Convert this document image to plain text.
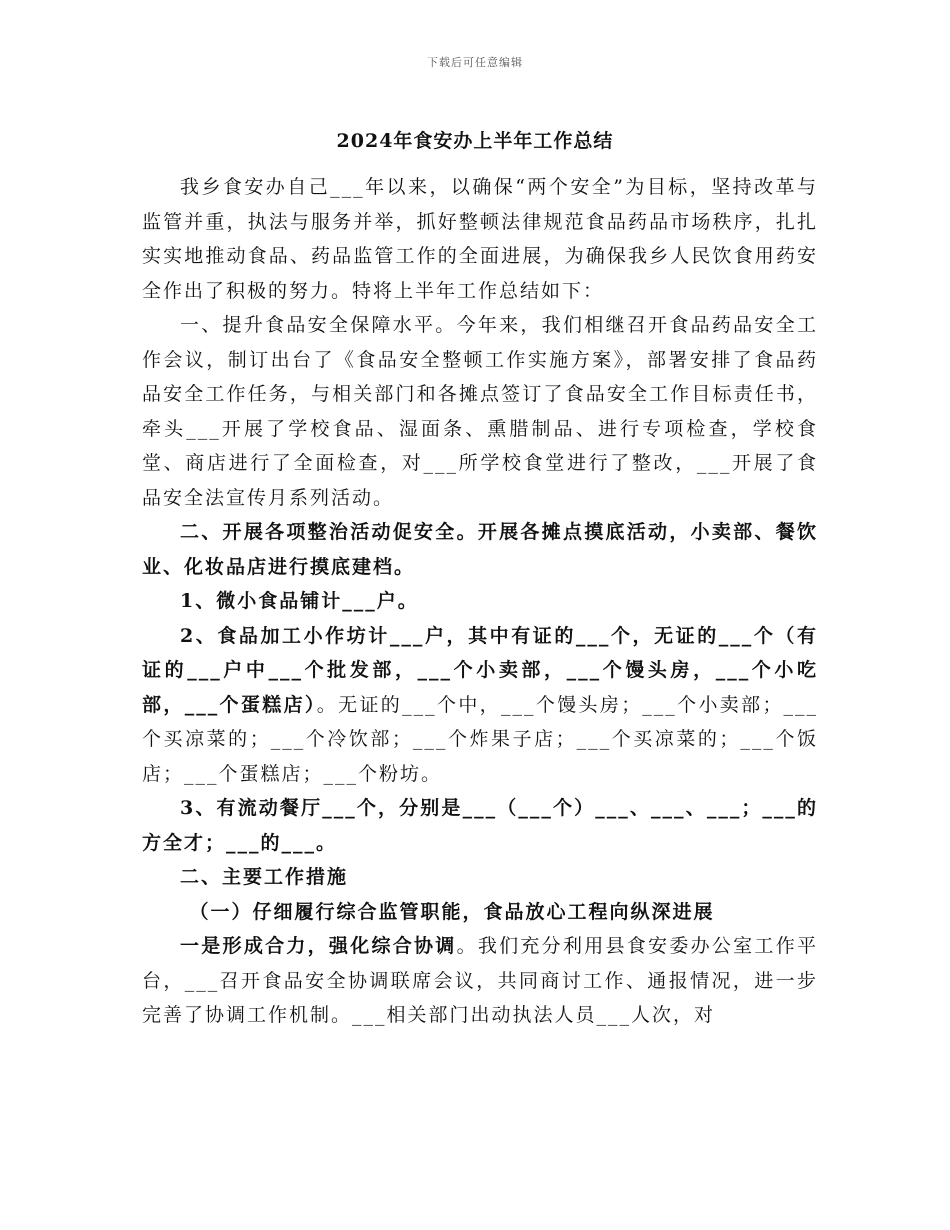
下载后可任意编辑
2024年食安办上半年工作总结

我乡食安办自己___年以来，以确保“两个安全”为目标，坚持改革与监管并重，执法与服务并举，抓好整顿法律规范食品药品市场秩序，扎扎实实地推动食品、药品监管工作的全面进展，为确保我乡人民饮食用药安全作出了积极的努力。特将上半年工作总结如下：

一、提升食品安全保障水平。今年来，我们相继召开食品药品安全工作会议，制订出台了《食品安全整顿工作实施方案》，部署安排了食品药品安全工作任务，与相关部门和各摊点签订了食品安全工作目标责任书，牵头___开展了学校食品、湿面条、熏腊制品、进行专项检查，学校食堂、商店进行了全面检查，对___所学校食堂进行了整改，___开展了食品安全法宣传月系列活动。

二、开展各项整治活动促安全。开展各摊点摸底活动，小卖部、餐饮业、化妆品店进行摸底建档。

1、微小食品铺计___户。

2、食品加工小作坊计___户，其中有证的___个，无证的___个（有证的___户中___个批发部，___个小卖部，___个馒头房，___个小吃部，___个蛋糕店）。无证的___个中，___个馒头房；___个小卖部；___个买凉菜的；___个冷饮部；___个炸果子店；___个买凉菜的；___个饭店；___个蛋糕店；___个粉坊。

3、有流动餐厅___个，分别是___（___个）___、___、___；___的方全才；___的___。

二、主要工作措施

（一）仔细履行综合监管职能，食品放心工程向纵深进展

一是形成合力，强化综合协调。我们充分利用县食安委办公室工作平台，___召开食品安全协调联席会议，共同商讨工作、通报情况，进一步完善了协调工作机制。___相关部门出动执法人员___人次，对
